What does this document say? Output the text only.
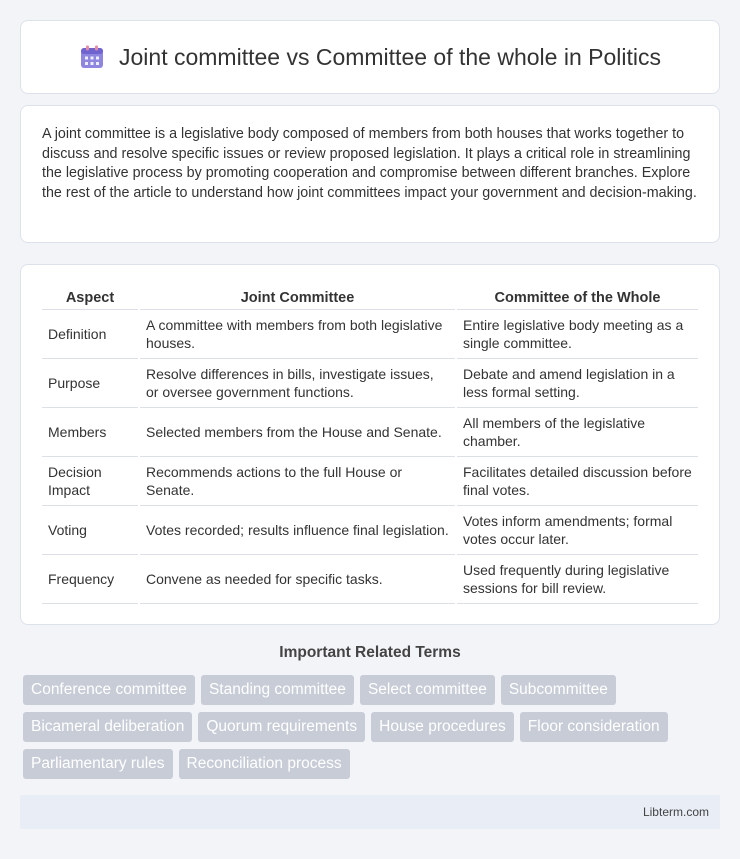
Joint committee vs Committee of the whole in Politics

A joint committee is a legislative body composed of members from both houses that works together to discuss and resolve specific issues or review proposed legislation. It plays a critical role in streamlining the legislative process by promoting cooperation and compromise between different branches. Explore the rest of the article to understand how joint committees impact your government and decision-making.

Aspect	Joint Committee	Committee of the Whole
Definition	A committee with members from both legislative houses.	Entire legislative body meeting as a single committee.
Purpose	Resolve differences in bills, investigate issues, or oversee government functions.	Debate and amend legislation in a less formal setting.
Members	Selected members from the House and Senate.	All members of the legislative chamber.
Decision Impact	Recommends actions to the full House or Senate.	Facilitates detailed discussion before final votes.
Voting	Votes recorded; results influence final legislation.	Votes inform amendments; formal votes occur later.
Frequency	Convene as needed for specific tasks.	Used frequently during legislative sessions for bill review.
Important Related Terms
Conference committee	Standing committee	Select committee	Subcommittee
Bicameral deliberation	Quorum requirements	House procedures	Floor consideration
Parliamentary rules	Reconciliation process
Libterm.com
